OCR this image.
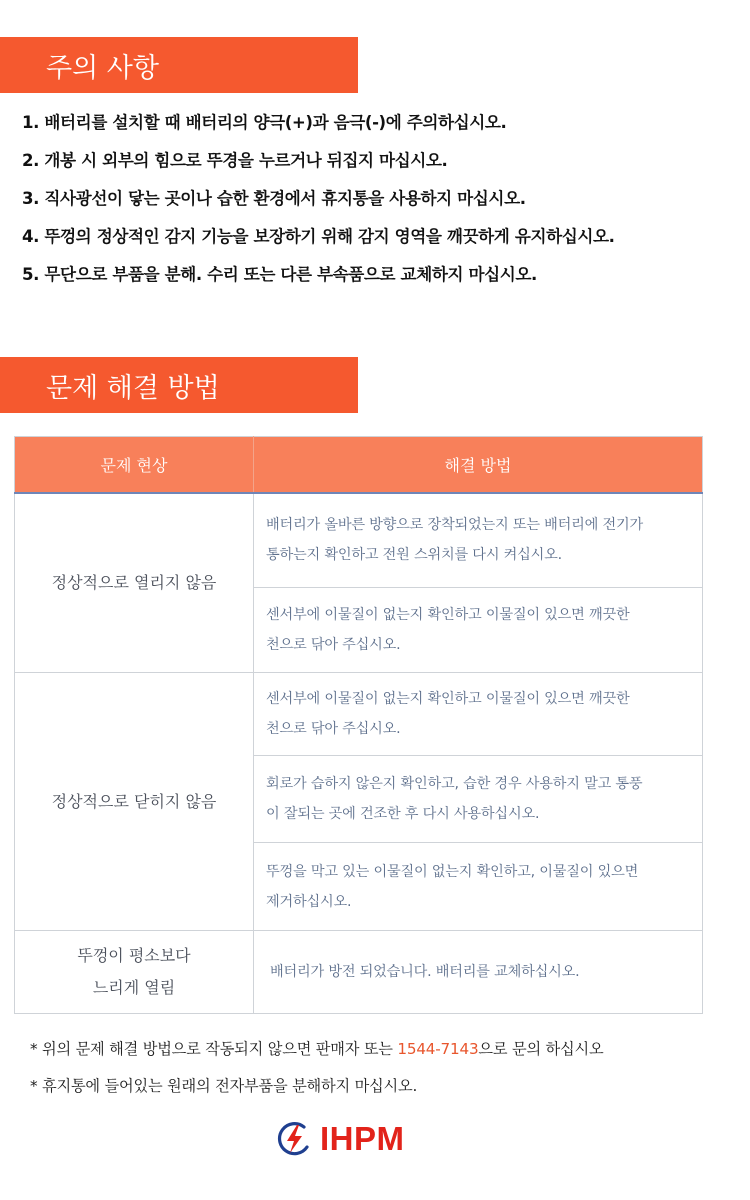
주의 사항
1. 배터리를 설치할 때 배터리의 양극(+)과 음극(-)에 주의하십시오.
2. 개봉 시 외부의 힘으로 뚜경을 누르거나 뒤집지 마십시오.
3. 직사광선이 닿는 곳이나 습한 환경에서 휴지통을 사용하지 마십시오.
4. 뚜껑의 정상적인 감지 기능을 보장하기 위해 감지 영역을 깨끗하게 유지하십시오.
5. 무단으로 부품을 분해. 수리 또는 다른 부속품으로 교체하지 마십시오.
문제 해결 방법
문제 현상	해결 방법
정상적으로 열리지 않음	배터리가 올바른 방향으로 장착되었는지 또는 배터리에 전기가
통하는지 확인하고 전원 스위치를 다시 켜십시오.

	센서부에 이물질이 없는지 확인하고 이물질이 있으면 깨끗한
천으로 닦아 주십시오.

정상적으로 닫히지 않음	센서부에 이물질이 없는지 확인하고 이물질이 있으면 깨끗한
천으로 닦아 주십시오.

	회로가 습하지 않은지 확인하고, 습한 경우 사용하지 말고 통풍
이 잘되는 곳에 건조한 후 다시 사용하십시오.

	뚜껑을 막고 있는 이물질이 없는지 확인하고, 이물질이 있으면
제거하십시오.

뚜껑이 평소보다
느리게 열림	배터리가 방전 되었습니다. 배터리를 교체하십시오.

* 위의 문제 해결 방법으로 작동되지 않으면 판매자 또는 1544-7143으로 문의 하십시오

* 휴지통에 들어있는 원래의 전자부품을 분해하지 마십시오.

IHPM
